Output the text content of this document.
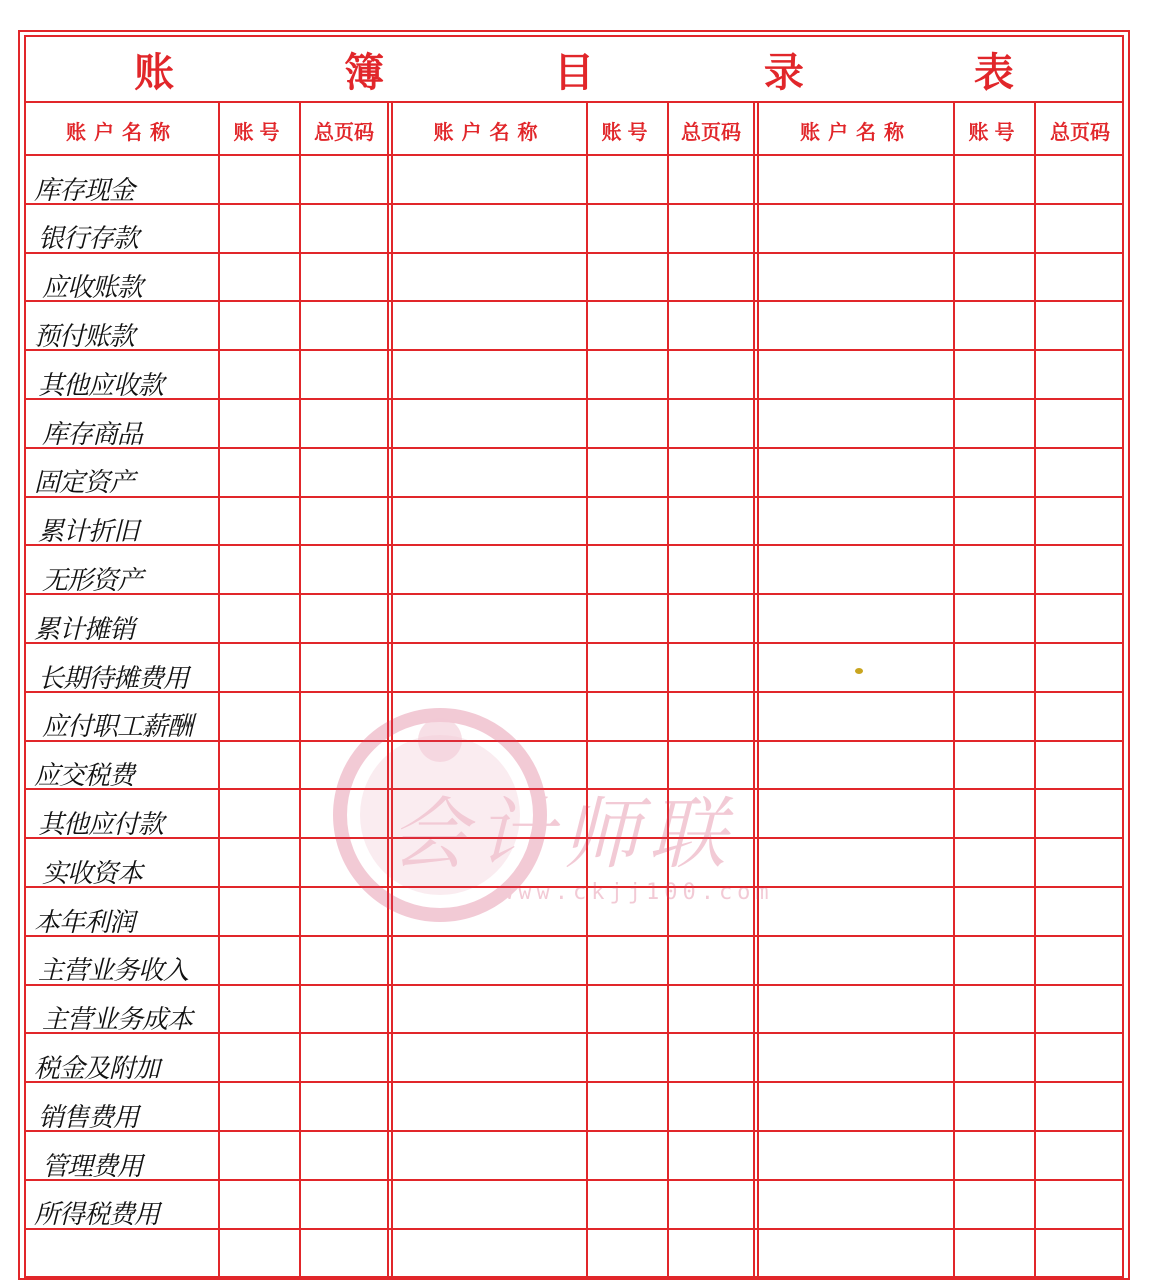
账 簿 目 录 表
账户名称	账号	总页码	账户名称	账号	总页码	账户名称	账号	总页码
库存现金
银行存款
应收账款
预付账款
其他应收款
库存商品
固定资产
累计折旧
无形资产
累计摊销
长期待摊费用
应付职工薪酬
应交税费
其他应付款
实收资本
本年利润
主营业务收入
主营业务成本
税金及附加
销售费用
管理费用
所得税费用
会计师联
www.ckjj100.com
